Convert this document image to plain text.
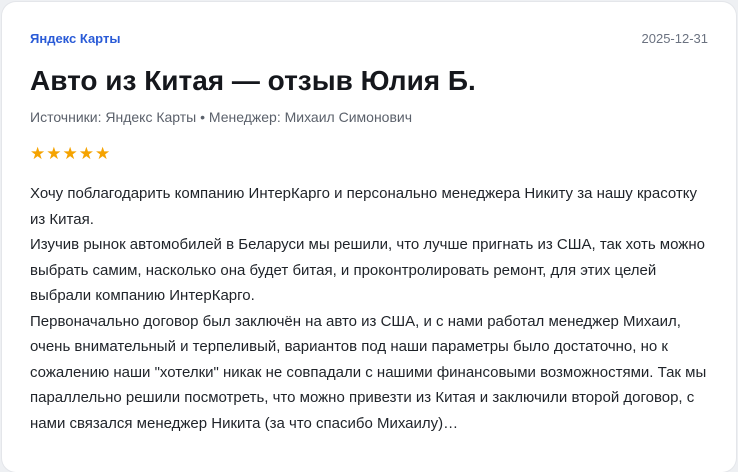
Яндекс Карты	2025-12-31
Авто из Китая — отзыв Юлия Б.
Источники: Яндекс Карты • Менеджер: Михаил Симонович
★★★★★

Хочу поблагодарить компанию ИнтерКарго и персонально менеджера Никиту за нашу красотку из Китая.

Изучив рынок автомобилей в Беларуси мы решили, что лучше пригнать из США, так хоть можно выбрать самим, насколько она будет битая, и проконтролировать ремонт, для этих целей выбрали компанию ИнтерКарго.

Первоначально договор был заключён на авто из США, и с нами работал менеджер Михаил, очень внимательный и терпеливый, вариантов под наши параметры было достаточно, но к сожалению наши "хотелки" никак не совпадали с нашими финансовыми возможностями. Так мы параллельно решили посмотреть, что можно привезти из Китая и заключили второй договор, с нами связался менеджер Никита (за что спасибо Михаилу)…
